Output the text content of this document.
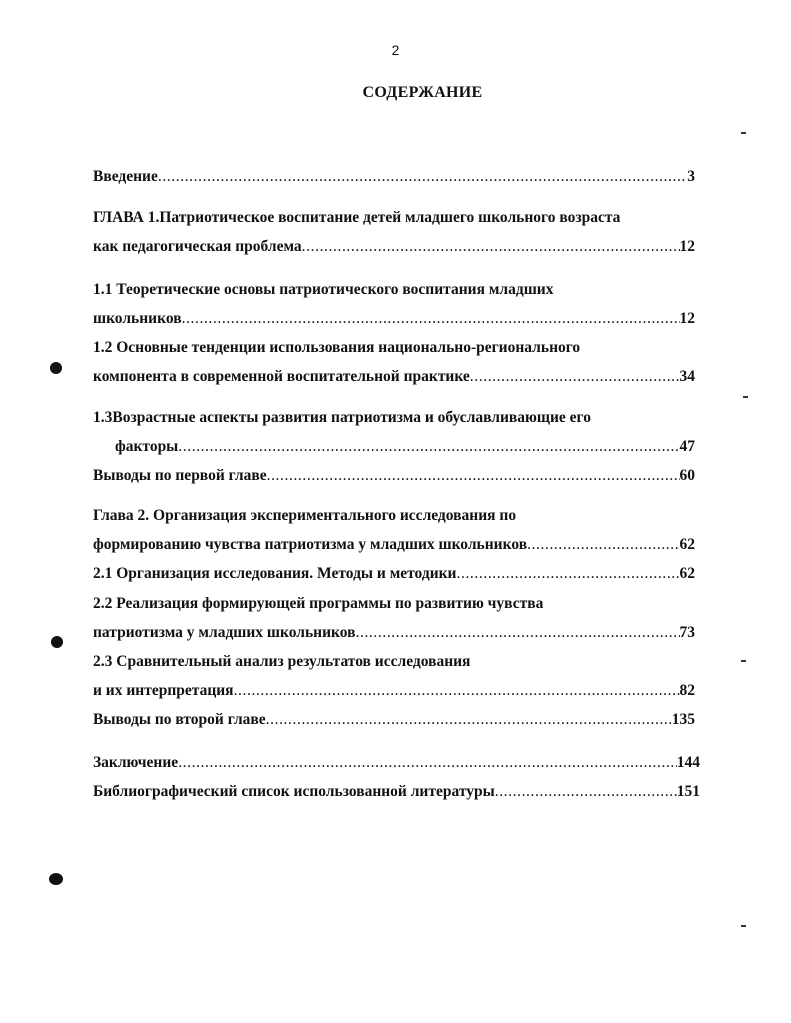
2
СОДЕРЖАНИЕ
Введение .....	3
ГЛАВА 1.Патриотическое воспитание детей младшего школьного возраста
как педагогическая проблема .....	12
1.1 Теоретические основы патриотического воспитания младших
школьников .....	12
1.2 Основные тенденции использования национально-регионального
компонента в современной воспитательной практике .....	34
1.3Возрастные аспекты развития патриотизма и обуславливающие его
факторы .....	47
Выводы по первой главе .....	60
Глава 2. Организация экспериментального исследования по
формированию чувства патриотизма у младших школьников .....	62
2.1 Организация исследования. Методы и методики .....	62
2.2 Реализация формирующей программы по развитию чувства
патриотизма у младших школьников .....	73
2.3 Сравнительный анализ результатов исследования
и их интерпретация .....	82
Выводы по второй главе .....	135
Заключение .....	144
Библиографический список использованной литературы .....	151
